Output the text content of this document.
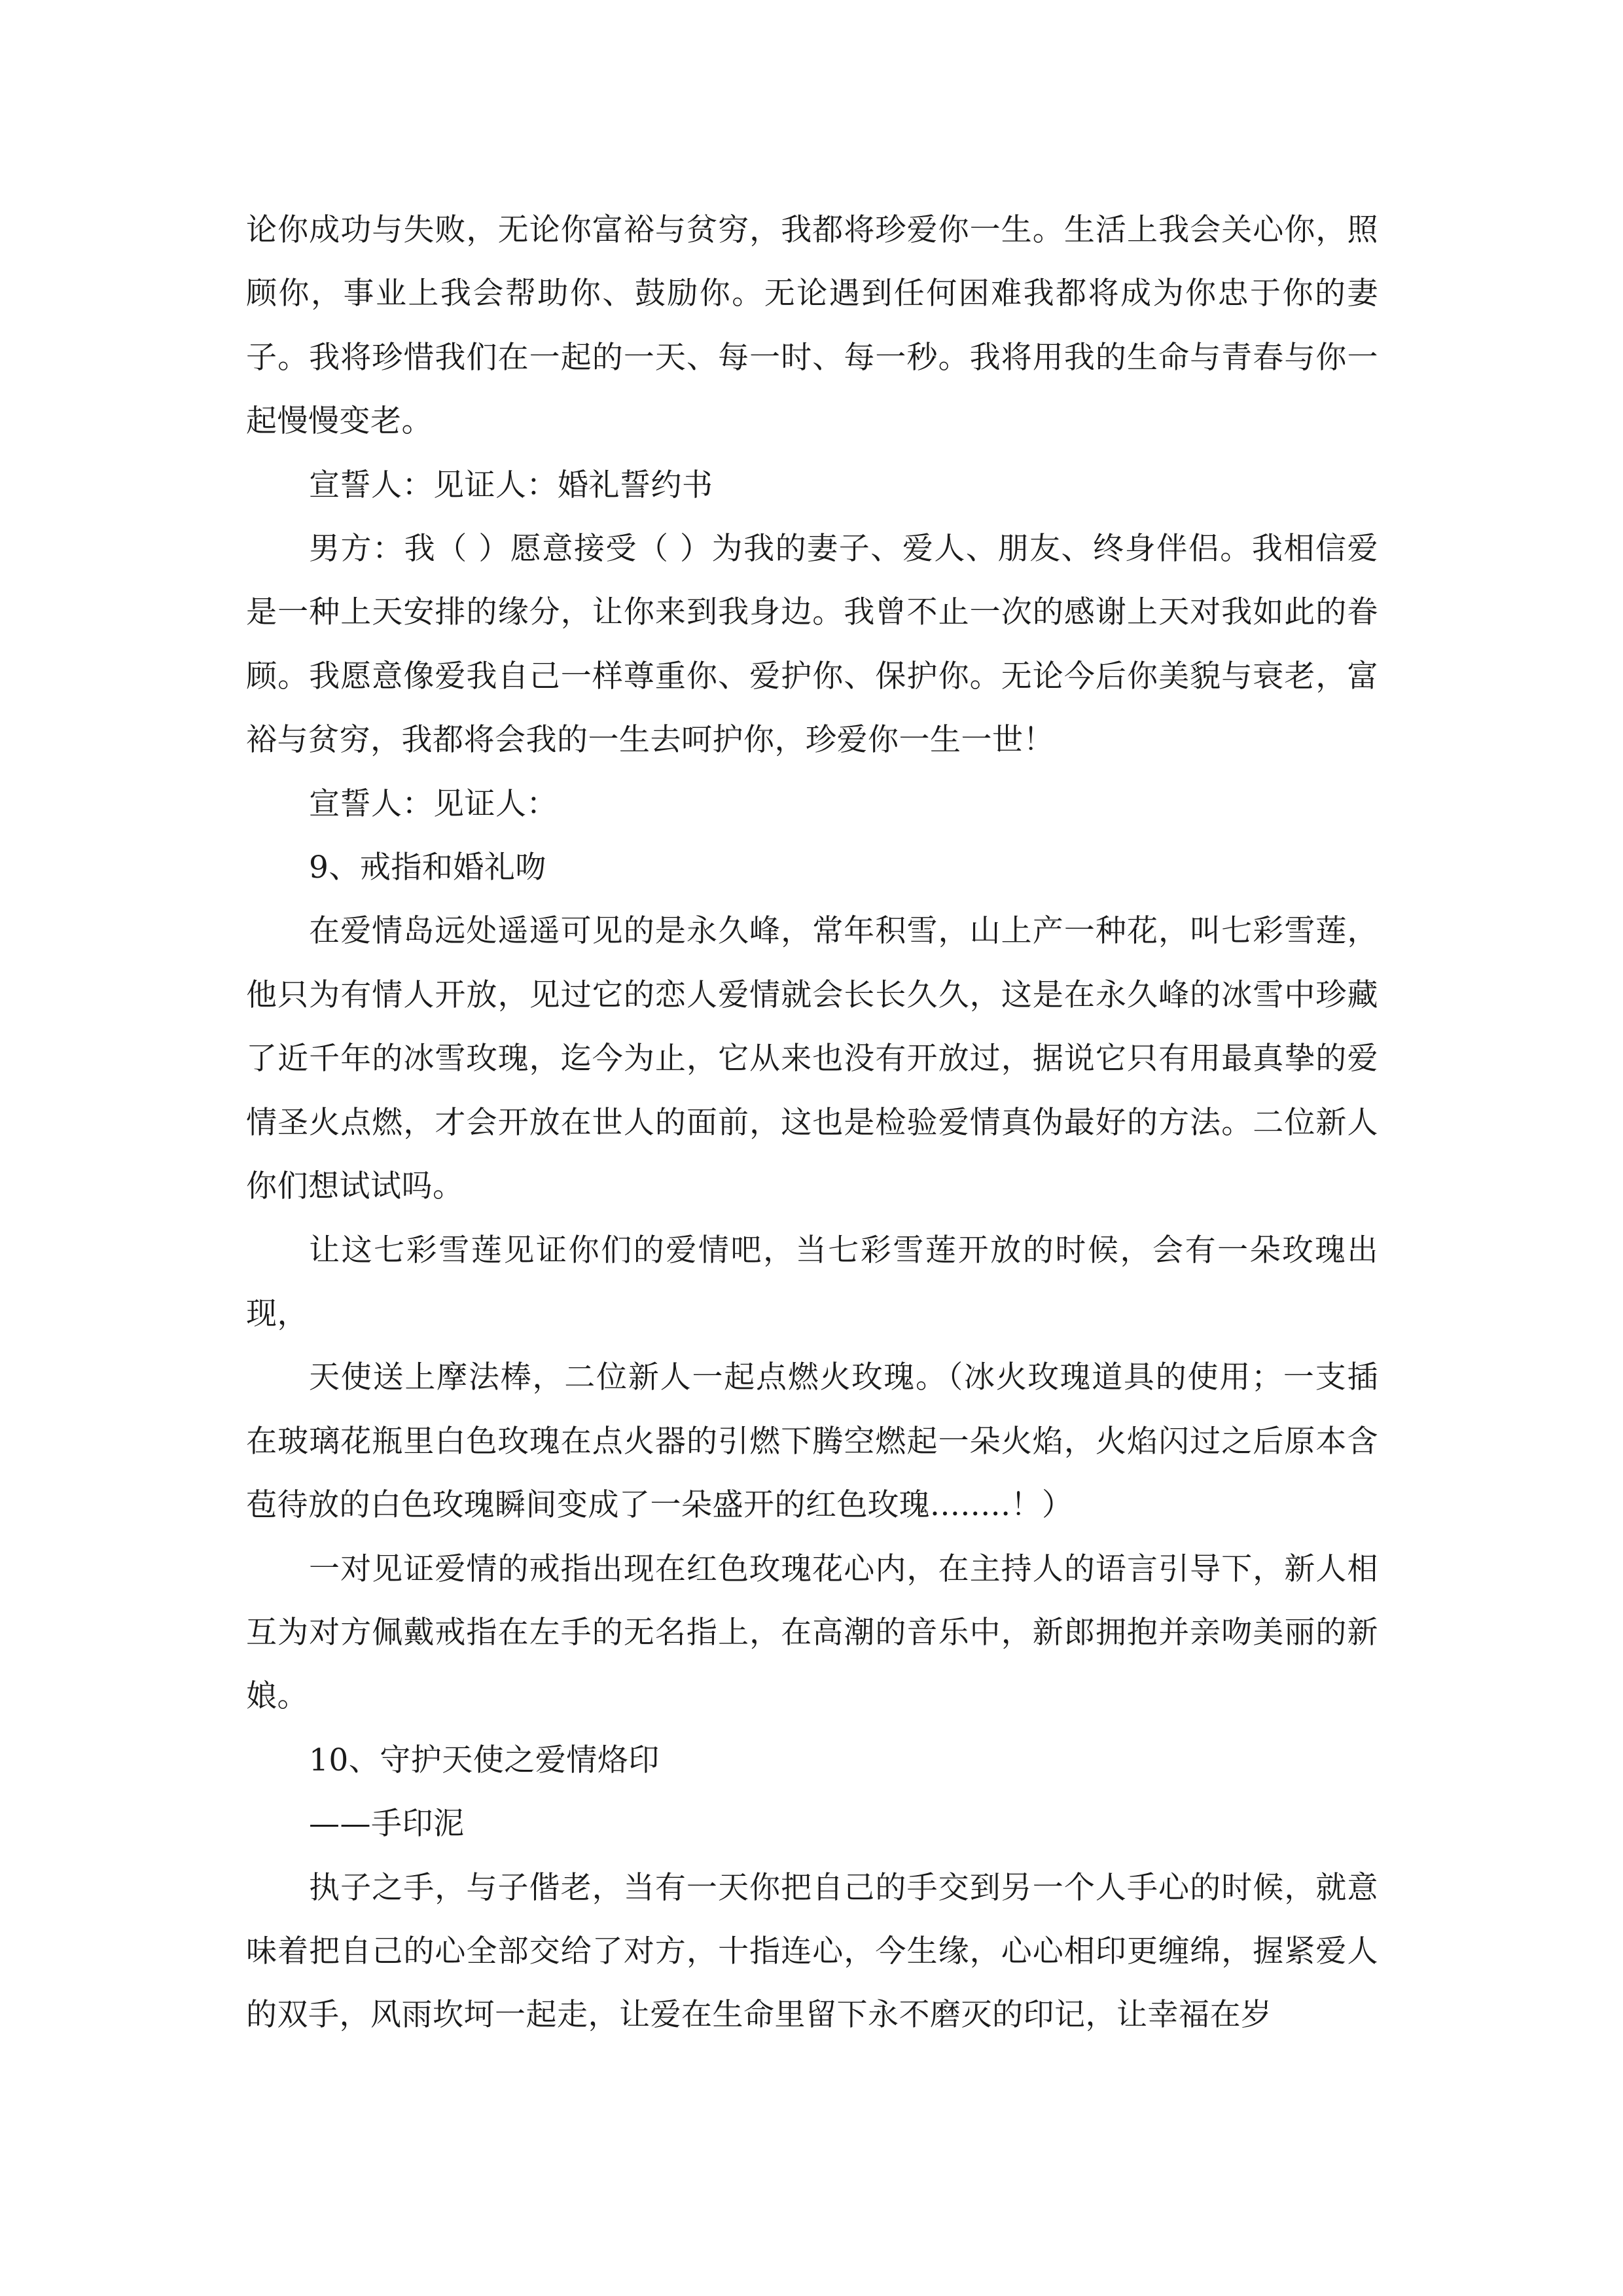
论你成功与失败，无论你富裕与贫穷，我都将珍爱你一生。生活上我会关心你，照顾你，事业上我会帮助你、鼓励你。无论遇到任何困难我都将成为你忠于你的妻子。我将珍惜我们在一起的一天、每一时、每一秒。我将用我的生命与青春与你一起慢慢变老。

宣誓人：见证人：婚礼誓约书

男方：我（ ）愿意接受（ ）为我的妻子、爱人、朋友、终身伴侣。我相信爱是一种上天安排的缘分，让你来到我身边。我曾不止一次的感谢上天对我如此的眷顾。我愿意像爱我自己一样尊重你、爱护你、保护你。无论今后你美貌与衰老，富裕与贫穷，我都将会我的一生去呵护你，珍爱你一生一世！

宣誓人：见证人：

9、戒指和婚礼吻

在爱情岛远处遥遥可见的是永久峰，常年积雪，山上产一种花，叫七彩雪莲，他只为有情人开放，见过它的恋人爱情就会长长久久，这是在永久峰的冰雪中珍藏了近千年的冰雪玫瑰，迄今为止，它从来也没有开放过，据说它只有用最真挚的爱情圣火点燃，才会开放在世人的面前，这也是检验爱情真伪最好的方法。二位新人你们想试试吗。

让这七彩雪莲见证你们的爱情吧，当七彩雪莲开放的时候，会有一朵玫瑰出现，

天使送上摩法棒，二位新人一起点燃火玫瑰。（冰火玫瑰道具的使用；一支插在玻璃花瓶里白色玫瑰在点火器的引燃下腾空燃起一朵火焰，火焰闪过之后原本含苞待放的白色玫瑰瞬间变成了一朵盛开的红色玫瑰........！）

一对见证爱情的戒指出现在红色玫瑰花心内，在主持人的语言引导下，新人相互为对方佩戴戒指在左手的无名指上，在高潮的音乐中，新郎拥抱并亲吻美丽的新娘。

10、守护天使之爱情烙印

——手印泥

执子之手，与子偕老，当有一天你把自己的手交到另一个人手心的时候，就意味着把自己的心全部交给了对方，十指连心，今生缘，心心相印更缠绵，握紧爱人的双手，风雨坎坷一起走，让爱在生命里留下永不磨灭的印记，让幸福在岁
